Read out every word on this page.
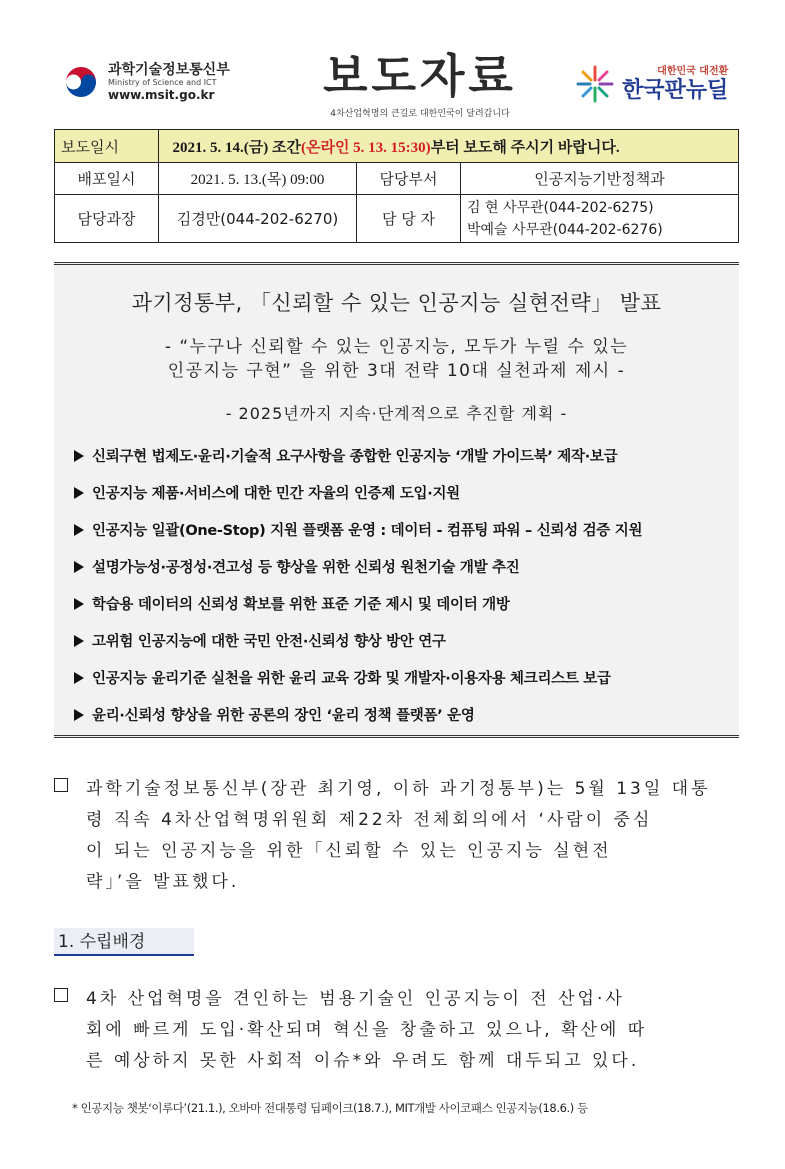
과학기술정보통신부
Ministry of Science and ICT
www.msit.go.kr	보도자료
4차산업혁명의 큰길로 대한민국이 달려갑니다
대한민국 대전환
한국판뉴딜
보도일시	2021. 5. 14.(금) 조간(온라인 5. 13. 15:30)부터 보도해 주시기 바랍니다.		
배포일시	2021. 5. 13.(목) 09:00	담당부서	인공지능기반정책과
담당과장	김경만(044-202-6270)	담 당 자	김 현 사무관(044-202-6275)
박예슬 사무관(044-202-6276)
과기정통부, 「신뢰할 수 있는 인공지능 실현전략」 발표
- “누구나 신뢰할 수 있는 인공지능, 모두가 누릴 수 있는
인공지능 구현” 을 위한 3대 전략 10대 실천과제 제시 -
- 2025년까지 지속·단계적으로 추진할 계획 -
신뢰구현 법제도·윤리·기술적 요구사항을 종합한 인공지능 ‘개발 가이드북’ 제작·보급
인공지능 제품·서비스에 대한 민간 자율의 인증제 도입·지원
인공지능 일괄(One-Stop) 지원 플랫폼 운영 : 데이터 - 컴퓨팅 파워 – 신뢰성 검증 지원
설명가능성·공정성·견고성 등 향상을 위한 신뢰성 원천기술 개발 추진
학습용 데이터의 신뢰성 확보를 위한 표준 기준 제시 및 데이터 개방
고위험 인공지능에 대한 국민 안전·신뢰성 향상 방안 연구
인공지능 윤리기준 실천을 위한 윤리 교육 강화 및 개발자·이용자용 체크리스트 보급
윤리·신뢰성 향상을 위한 공론의 장인 ‘윤리 정책 플랫폼’ 운영
과학기술정보통신부(장관 최기영, 이하 과기정통부)는 5월 13일 대통
령 직속 4차산업혁명위원회 제22차 전체회의에서 ‘사람이 중심
이 되는 인공지능을 위한「신뢰할 수 있는 인공지능 실현전
략」’을 발표했다.
1. 수립배경
4차 산업혁명을 견인하는 범용기술인 인공지능이 전 산업·사
회에 빠르게 도입·확산되며 혁신을 창출하고 있으나, 확산에 따
른 예상하지 못한 사회적 이슈*와 우려도 함께 대두되고 있다.
* 인공지능 챗봇‘이루다’(21.1.), 오바마 전대통령 딥페이크(18.7.), MIT개발 사이코패스 인공지능(18.6.) 등
